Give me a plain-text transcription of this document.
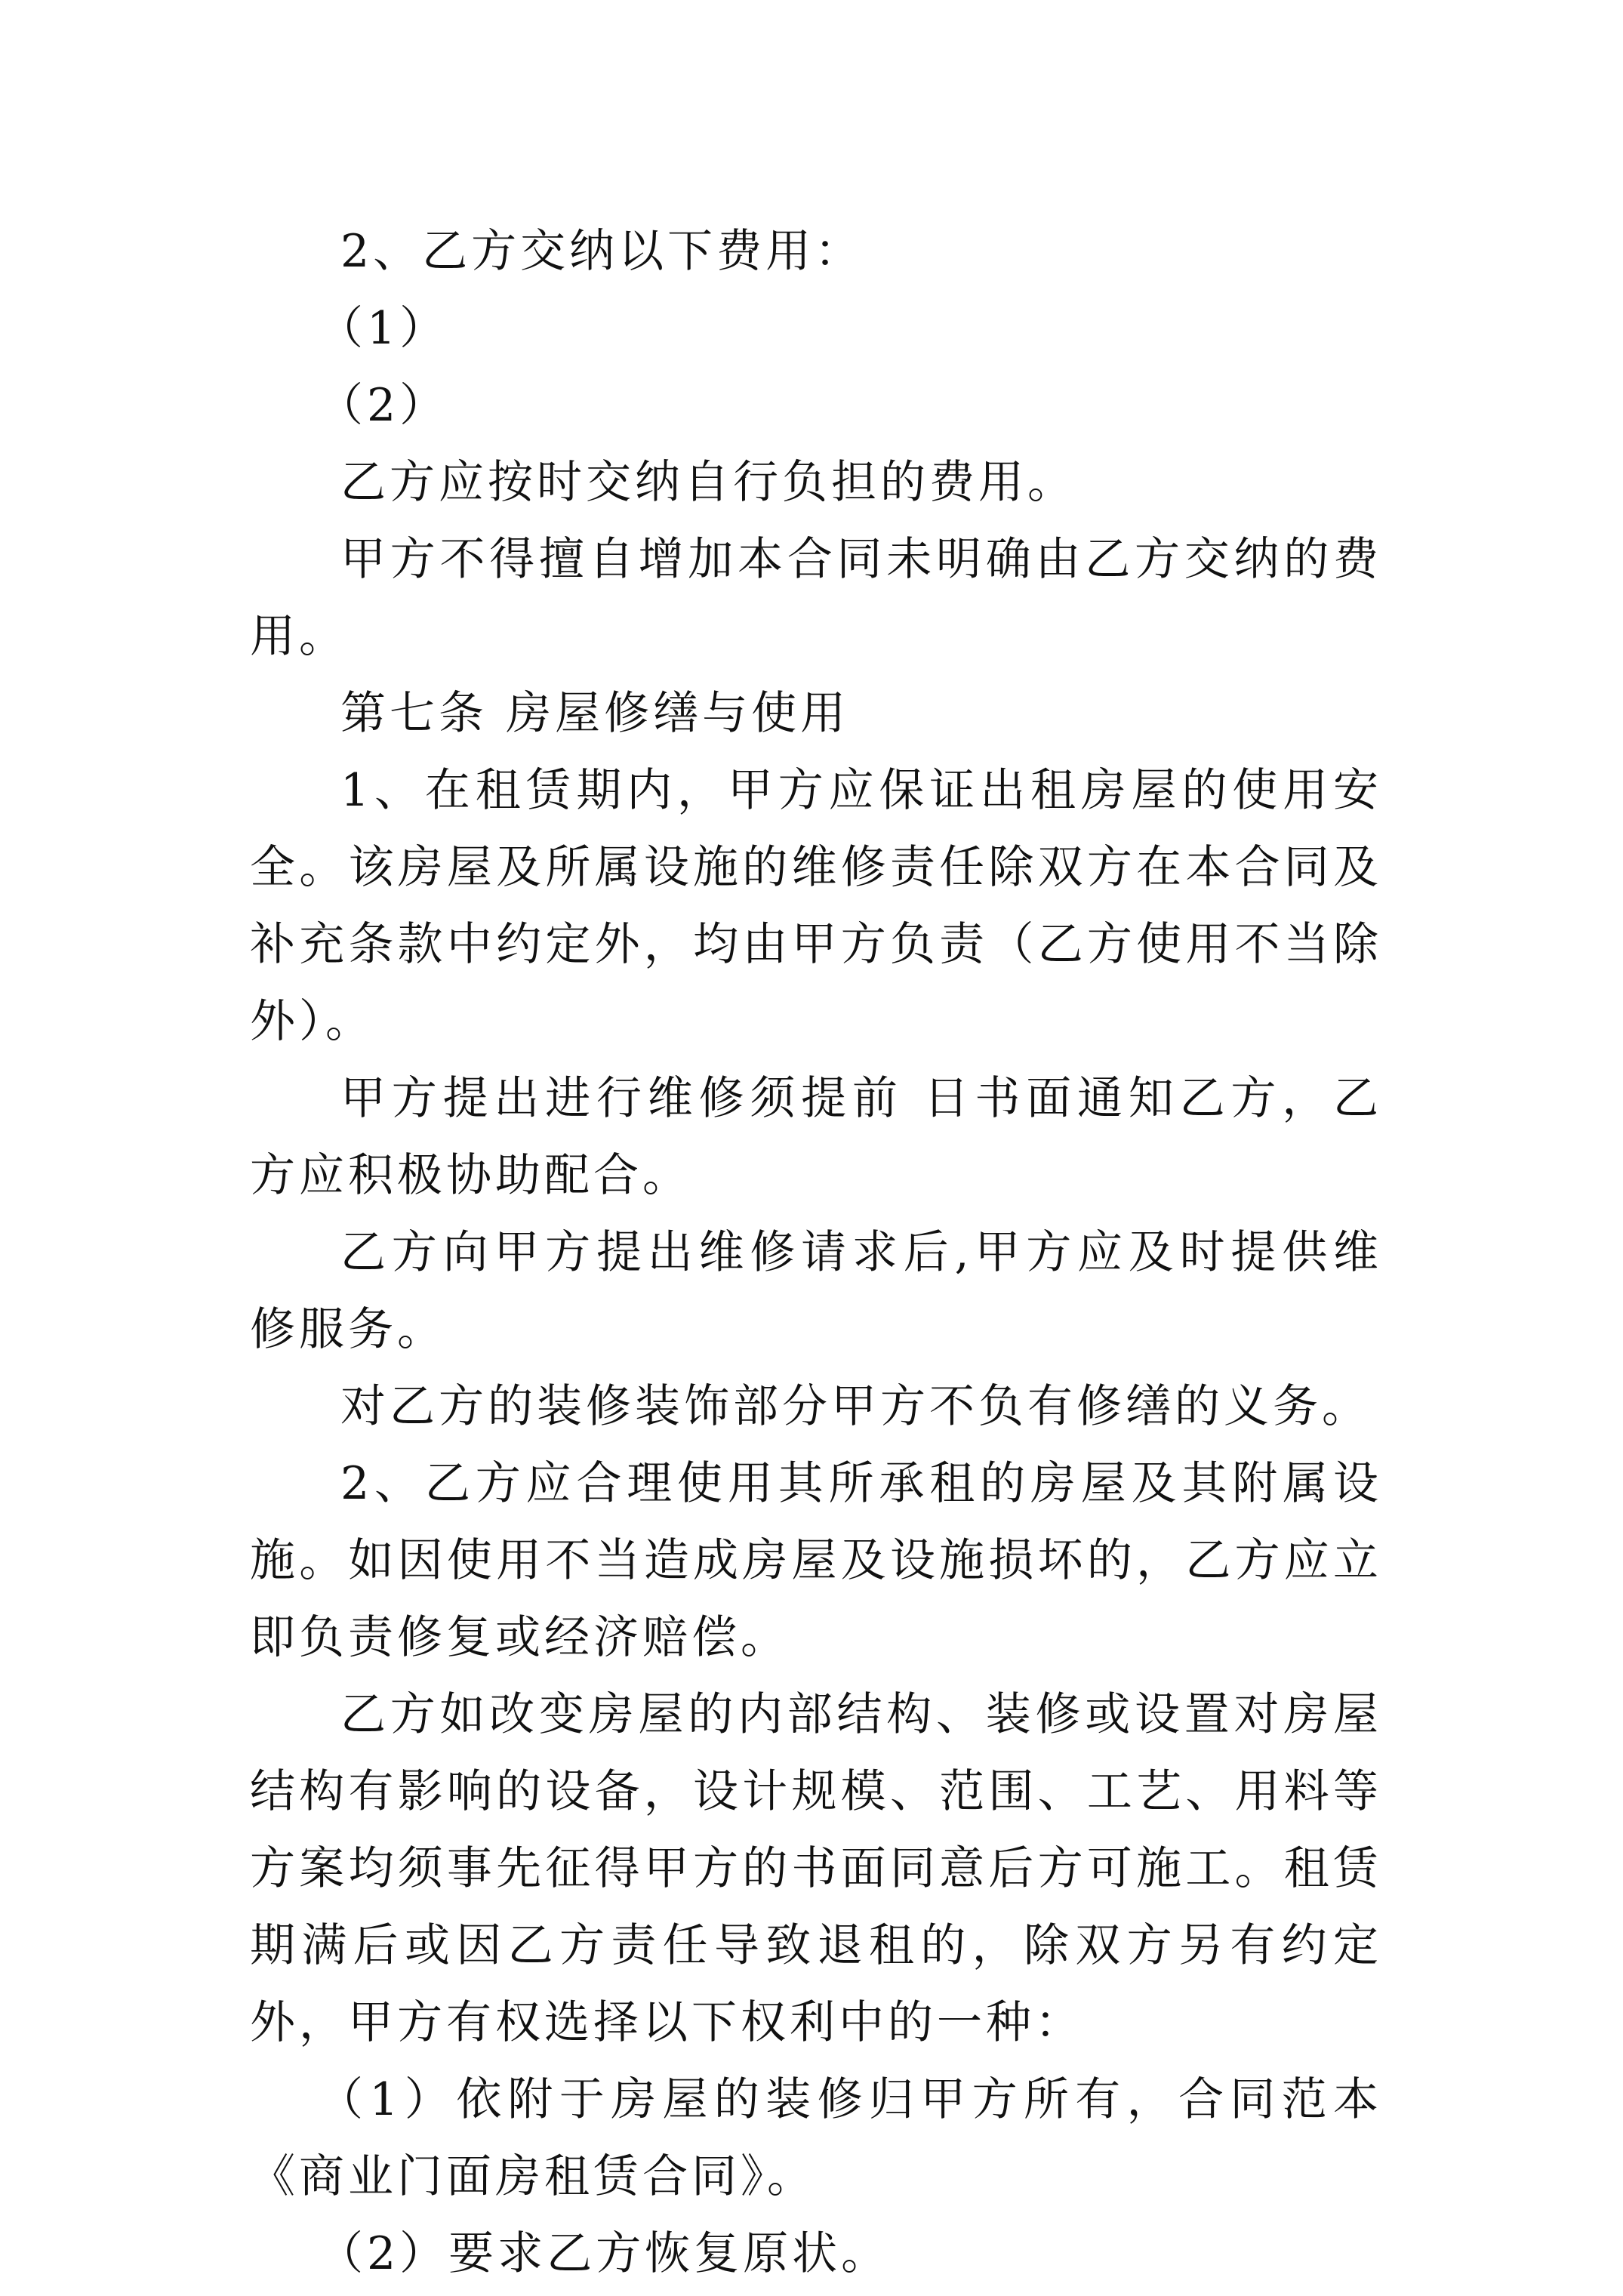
2、乙方交纳以下费用：

（1）

（2）

乙方应按时交纳自行负担的费用。

甲方不得擅自增加本合同未明确由乙方交纳的费用。

第七条 房屋修缮与使用

1、在租赁期内，甲方应保证出租房屋的使用安全。该房屋及所属设施的维修责任除双方在本合同及补充条款中约定外，均由甲方负责（乙方使用不当除外）。

甲方提出进行维修须提前 日书面通知乙方，乙方应积极协助配合。

乙方向甲方提出维修请求后,甲方应及时提供维修服务。

对乙方的装修装饰部分甲方不负有修缮的义务。

2、乙方应合理使用其所承租的房屋及其附属设施。如因使用不当造成房屋及设施损坏的，乙方应立即负责修复或经济赔偿。

乙方如改变房屋的内部结构、装修或设置对房屋结构有影响的设备，设计规模、范围、工艺、用料等方案均须事先征得甲方的书面同意后方可施工。租赁期满后或因乙方责任导致退租的，除双方另有约定外，甲方有权选择以下权利中的一种：

（1）依附于房屋的装修归甲方所有，合同范本《商业门面房租赁合同》。

（2）要求乙方恢复原状。
